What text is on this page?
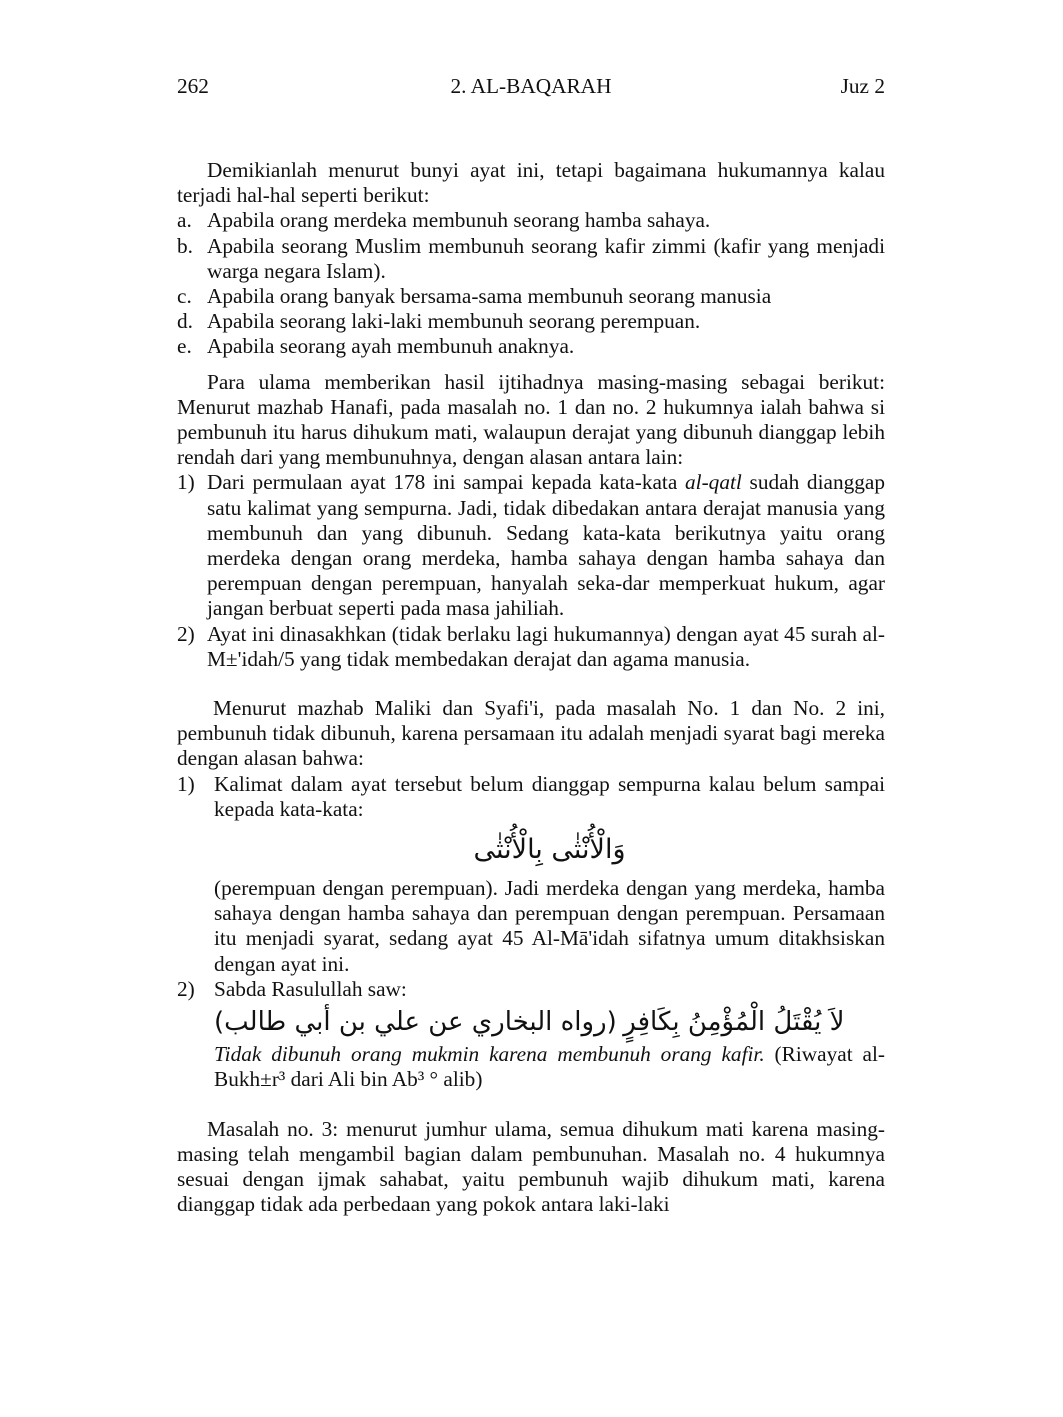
2. AL-BAQARAH
262	Juz 2

Demikianlah menurut bunyi ayat ini, tetapi bagaimana hukumannya kalau terjadi hal-hal seperti berikut:

a. Apabila orang merdeka membunuh seorang hamba sahaya.
b. Apabila seorang Muslim membunuh seorang kafir zimmi (kafir yang menjadi warga negara Islam).
c. Apabila orang banyak bersama-sama membunuh seorang manusia
d. Apabila seorang laki-laki membunuh seorang perempuan.
e. Apabila seorang ayah membunuh anaknya.

Para ulama memberikan hasil ijtihadnya masing-masing sebagai berikut: Menurut mazhab Hanafi, pada masalah no. 1 dan no. 2 hukumnya ialah bahwa si pembunuh itu harus dihukum mati, walaupun derajat yang dibunuh dianggap lebih rendah dari yang membunuhnya, dengan alasan antara lain:

1) Dari permulaan ayat 178 ini sampai kepada kata-kata al-qatl sudah dianggap satu kalimat yang sempurna. Jadi, tidak dibedakan antara derajat manusia yang membunuh dan yang dibunuh. Sedang kata-kata berikutnya yaitu orang merdeka dengan orang merdeka, hamba sahaya dengan hamba sahaya dan perempuan dengan perempuan, hanyalah seka-dar memperkuat hukum, agar jangan berbuat seperti pada masa jahiliah.
2) Ayat ini dinasakhkan (tidak berlaku lagi hukumannya) dengan ayat 45 surah al-M±'idah/5 yang tidak membedakan derajat dan agama manusia.

Menurut mazhab Maliki dan Syafi'i, pada masalah No. 1 dan No. 2 ini, pembunuh tidak dibunuh, karena persamaan itu adalah menjadi syarat bagi mereka dengan alasan bahwa:

1) Kalimat dalam ayat tersebut belum dianggap sempurna kalau belum sampai kepada kata-kata:
وَالْأُنْثٰى بِالْأُنْثٰى

(perempuan dengan perempuan). Jadi merdeka dengan yang merdeka, hamba sahaya dengan hamba sahaya dan perempuan dengan perempuan. Persamaan itu menjadi syarat, sedang ayat 45 Al-Mā'idah sifatnya umum ditakhsiskan dengan ayat ini.

2) Sabda Rasulullah saw:
(رواه البخاري عن علي بن أبي طالب) لاَ يُقْتَلُ الْمُؤْمِنُ بِكَافِرٍ

Tidak dibunuh orang mukmin karena membunuh orang kafir. (Riwayat al-Bukh±r³ dari Ali bin Ab³ ° alib)

Masalah no. 3: menurut jumhur ulama, semua dihukum mati karena masing-masing telah mengambil bagian dalam pembunuhan. Masalah no. 4 hukumnya sesuai dengan ijmak sahabat, yaitu pembunuh wajib dihukum mati, karena dianggap tidak ada perbedaan yang pokok antara laki-laki
